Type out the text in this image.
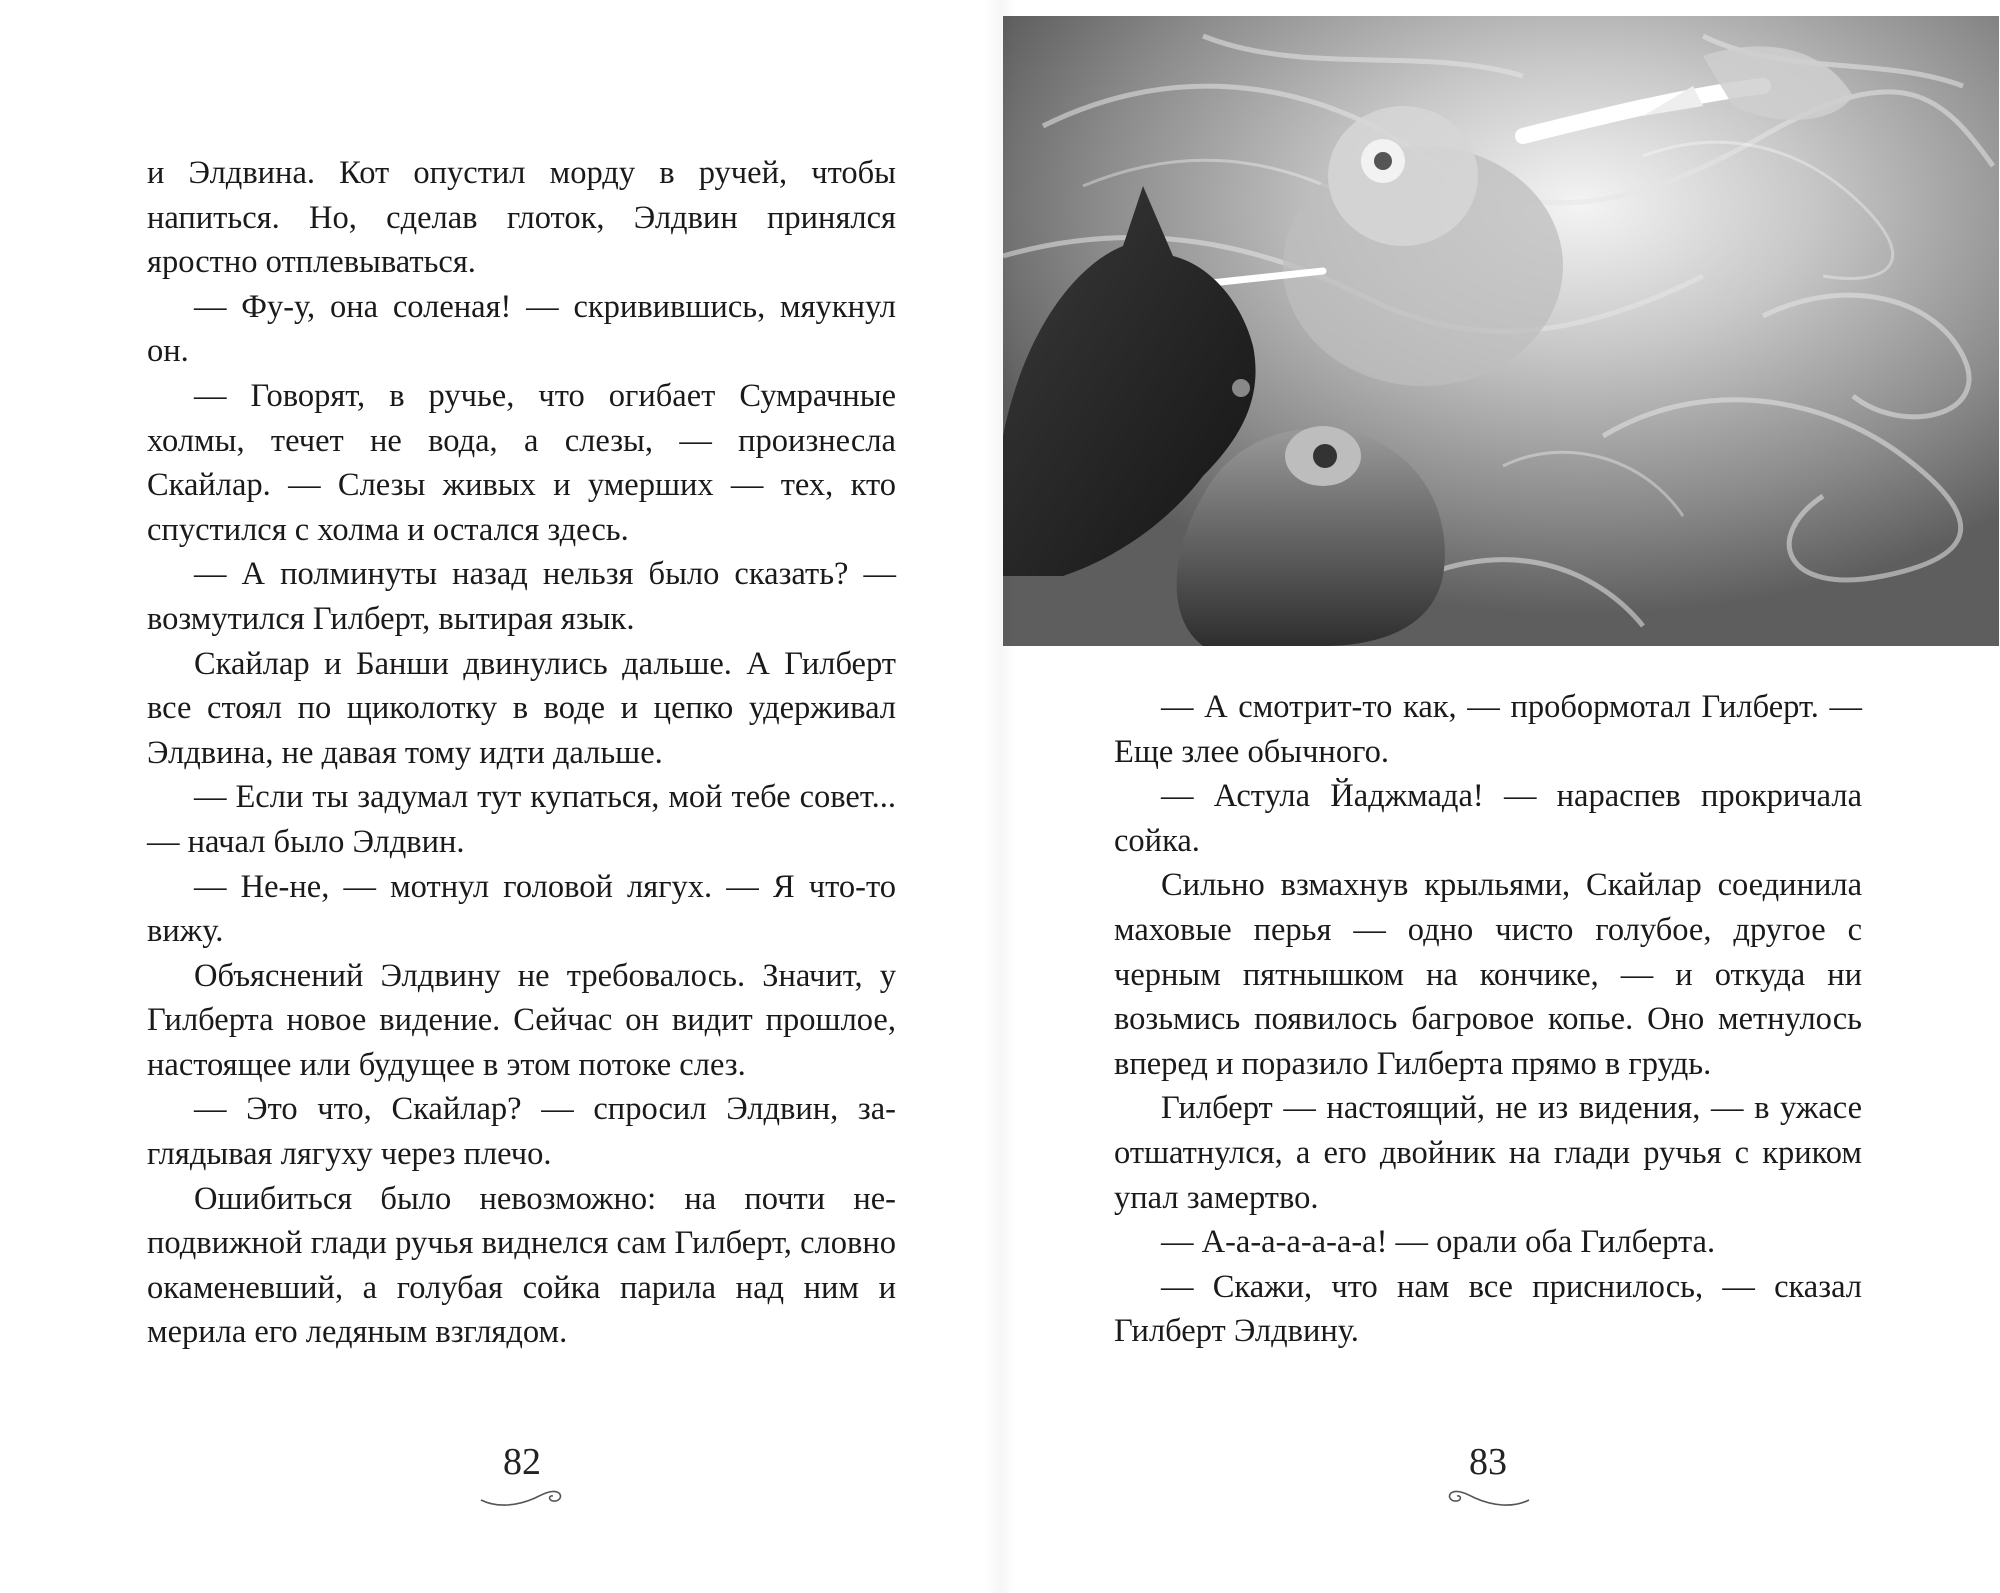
и Элдвина. Кот опустил морду в ручей, чтобы напиться. Но, сделав глоток, Элдвин принялся яростно отплевываться.

— Фу-у, она соленая! — скривившись, мяукнул он.

— Говорят, в ручье, что огибает Сумрачные холмы, течет не вода, а слезы, — произнесла Скайлар. — Слезы живых и умерших — тех, кто спустился с холма и остался здесь.

— А полминуты назад нельзя было сказать? — возмутился Гилберт, вытирая язык.

Скайлар и Банши двинулись дальше. А Гилберт все стоял по щиколотку в воде и цепко удерживал Элдвина, не давая тому идти дальше.

— Если ты задумал тут купаться, мой тебе совет... — начал было Элдвин.

— Не-не, — мотнул головой лягух. — Я что-то вижу.

Объяснений Элдвину не требовалось. Значит, у Гилберта новое видение. Сейчас он видит прошлое, настоящее или будущее в этом потоке слез.

— Это что, Скайлар? — спросил Элдвин, заглядывая лягуху через плечо.

Ошибиться было невозможно: на почти неподвижной глади ручья виднелся сам Гилберт, словно окаменевший, а голубая сойка парила над ним и мерила его ледяным взглядом.

82

— А смотрит-то как, — пробормотал Гилберт. — Еще злее обычного.

— Астула Йаджмада! — нараспев прокричала сойка.

Сильно взмахнув крыльями, Скайлар соединила маховые перья — одно чисто голубое, другое с черным пятнышком на кончике, — и откуда ни возьмись появилось багровое копье. Оно метнулось вперед и поразило Гилберта прямо в грудь.

Гилберт — настоящий, не из видения, — в ужасе отшатнулся, а его двойник на глади ручья с криком упал замертво.

— А-а-а-а-а-а-а! — орали оба Гилберта.

— Скажи, что нам все приснилось, — сказал Гилберт Элдвину.

83
